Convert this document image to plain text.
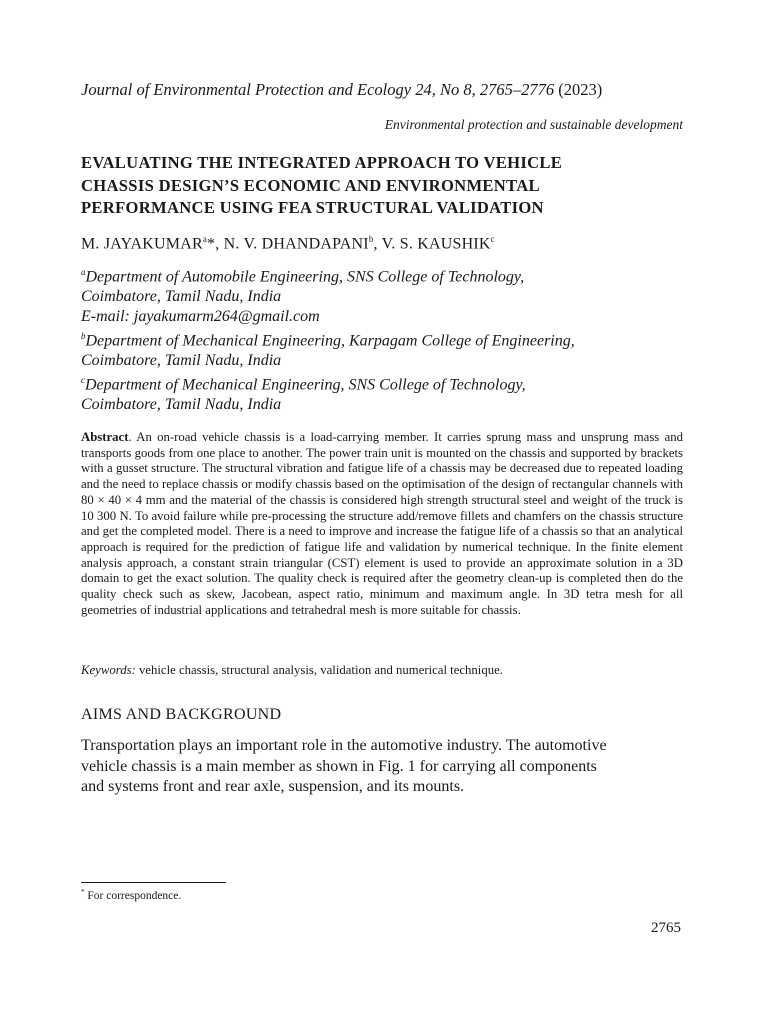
Journal of Environmental Protection and Ecology 24, No 8, 2765–2776 (2023)
Environmental protection and sustainable development
EVALUATING THE INTEGRATED APPROACH TO VEHICLE
CHASSIS DESIGN’S ECONOMIC AND ENVIRONMENTAL
PERFORMANCE USING FEA STRUCTURAL VALIDATION
M. JAYAKUMAR$^a$*, N. V. DHANDAPANI$^b$, V. S. KAUSHIK$^c$
$^a$Department of Automobile Engineering, SNS College of Technology,
Coimbatore, Tamil Nadu, India
E-mail: jayakumarm264@gmail.com
$^b$Department of Mechanical Engineering, Karpagam College of Engineering,
Coimbatore, Tamil Nadu, India
$^c$Department of Mechanical Engineering, SNS College of Technology,
Coimbatore, Tamil Nadu, India

Abstract. An on-road vehicle chassis is a load-carrying member. It carries sprung mass and unsprung mass and transports goods from one place to another. The power train unit is mounted on the chassis and supported by brackets with a gusset structure. The structural vibration and fatigue life of a chassis may be decreased due to repeated loading and the need to replace chassis or modify chassis based on the optimisation of the design of rectangular channels with 80 × 40 × 4 mm and the material of the chassis is considered high strength structural steel and weight of the truck is 10 300 N. To avoid failure while pre-processing the structure add/remove fillets and chamfers on the chassis structure and get the completed model. There is a need to improve and increase the fatigue life of a chassis so that an analytical approach is required for the prediction of fatigue life and validation by numerical technique. In the finite element analysis approach, a constant strain triangular (CST) element is used to provide an approximate solution in a 3D domain to get the exact solution. The quality check is required after the geometry clean-up is completed then do the quality check such as skew, Jacobean, aspect ratio, minimum and maximum angle. In 3D tetra mesh for all geometries of industrial applications and tetrahedral mesh is more suitable for chassis.

Keywords: vehicle chassis, structural analysis, validation and numerical technique.
AIMS AND BACKGROUND

Transportation plays an important role in the automotive industry. The automotive
vehicle chassis is a main member as shown in Fig. 1 for carrying all components
and systems front and rear axle, suspension, and its mounts.

* For correspondence.
2765
